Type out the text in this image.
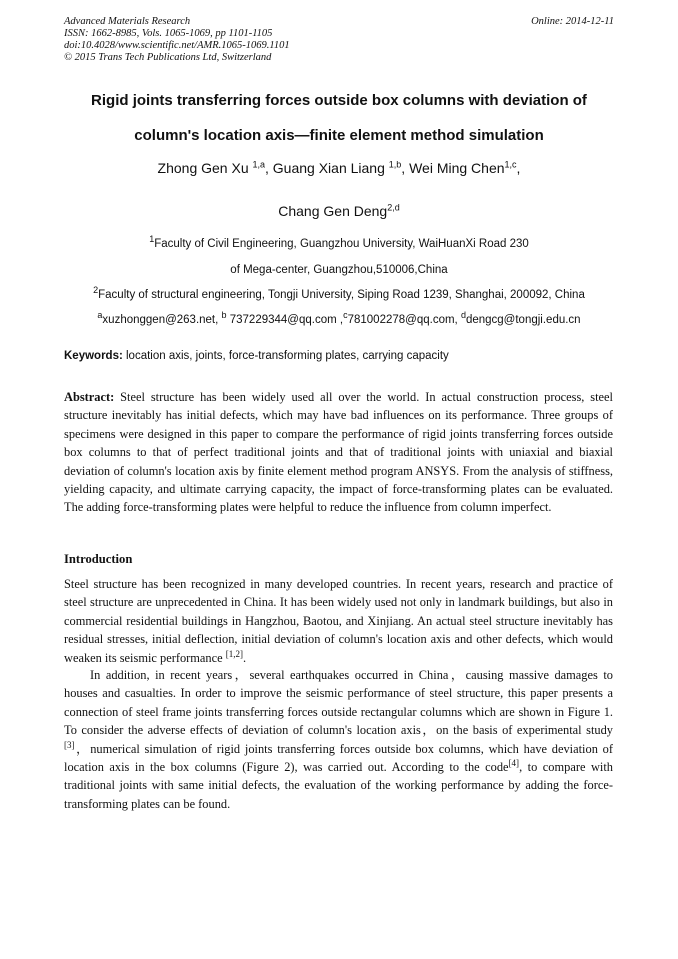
Advanced Materials Research
ISSN: 1662-8985, Vols. 1065-1069, pp 1101-1105
doi:10.4028/www.scientific.net/AMR.1065-1069.1101
© 2015 Trans Tech Publications Ltd, Switzerland
Online: 2014-12-11
Rigid joints transferring forces outside box columns with deviation of
column's location axis—finite element method simulation
Zhong Gen Xu $^{1,a}$, Guang Xian Liang $^{1,b}$, Wei Ming Chen$^{1,c}$,
Chang Gen Deng$^{2,d}$
$^1$Faculty of Civil Engineering, Guangzhou University, WaiHuanXi Road 230
of Mega-center, Guangzhou,510006,China
$^2$Faculty of structural engineering, Tongji University, Siping Road 1239, Shanghai, 200092, China
$^a$xuzhonggen@263.net, $^b$ 737229344@qq.com ,$^c$781002278@qq.com, $^d$dengcg@tongji.edu.cn
Keywords: location axis, joints, force-transforming plates, carrying capacity

Abstract: Steel structure has been widely used all over the world. In actual construction process, steel structure inevitably has initial defects, which may have bad influences on its performance. Three groups of specimens were designed in this paper to compare the performance of rigid joints transferring forces outside box columns to that of perfect traditional joints and that of traditional joints with uniaxial and biaxial deviation of column's location axis by finite element method program ANSYS. From the analysis of stiffness, yielding capacity, and ultimate carrying capacity, the impact of force-transforming plates can be evaluated. The adding force-transforming plates were helpful to reduce the influence from column imperfect.

Introduction

Steel structure has been recognized in many developed countries. In recent years, research and practice of steel structure are unprecedented in China. It has been widely used not only in landmark buildings, but also in commercial residential buildings in Hangzhou, Baotou, and Xinjiang. An actual steel structure inevitably has residual stresses, initial deflection, initial deviation of column's location axis and other defects, which would weaken its seismic performance [1,2].

In addition, in recent years，several earthquakes occurred in China，causing massive damages to houses and casualties. In order to improve the seismic performance of steel structure, this paper presents a connection of steel frame joints transferring forces outside rectangular columns which are shown in Figure 1. To consider the adverse effects of deviation of column's location axis，on the basis of experimental study [3]，numerical simulation of rigid joints transferring forces outside box columns, which have deviation of location axis in the box columns (Figure 2), was carried out. According to the code[4], to compare with traditional joints with same initial defects, the evaluation of the working performance by adding the force-transforming plates can be found.
